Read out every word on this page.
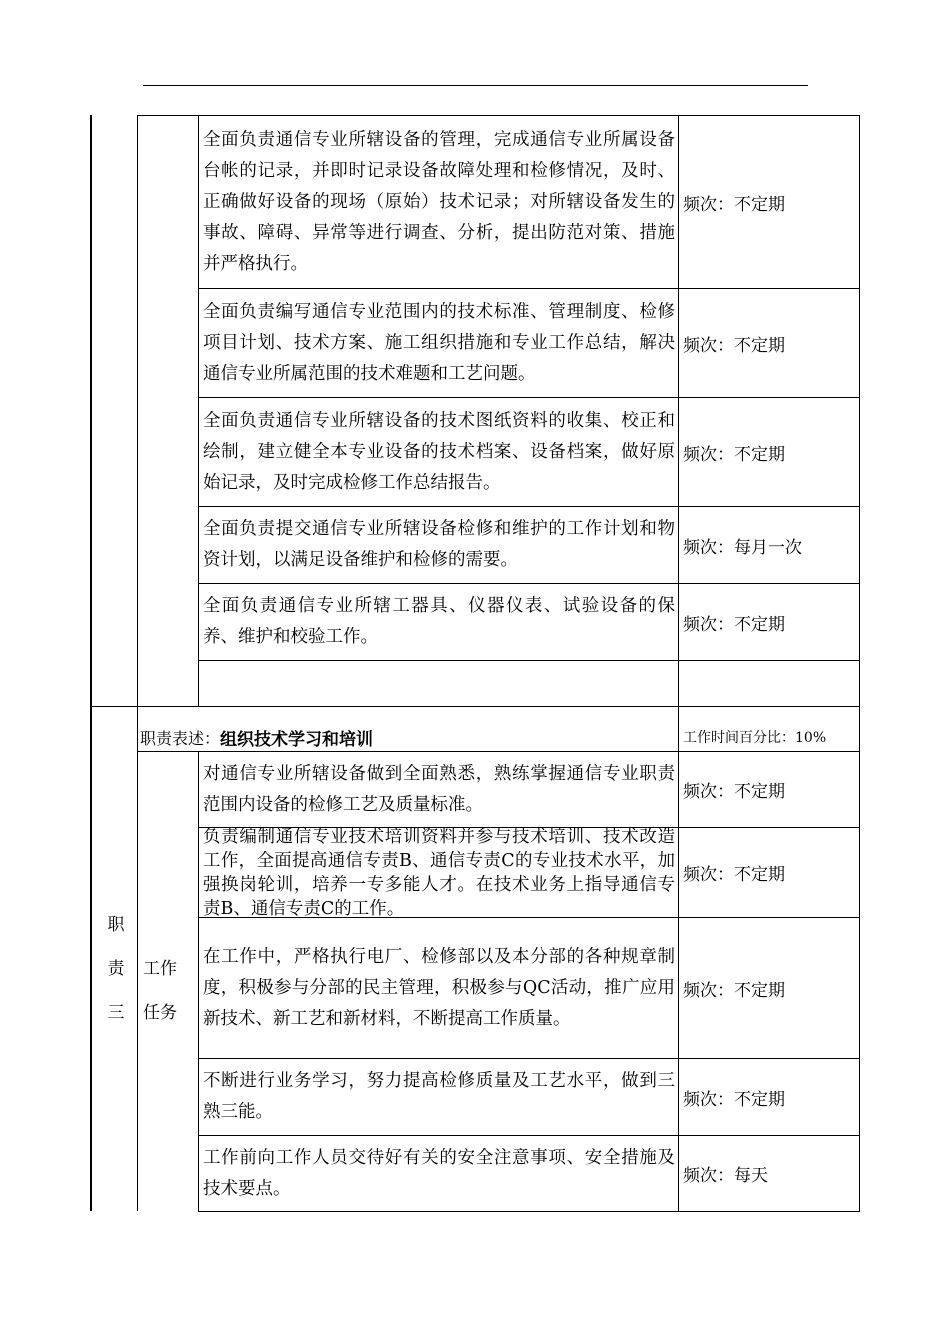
全面负责通信专业所辖设备的管理，完成通信专业所属设备台帐的记录，并即时记录设备故障处理和检修情况，及时、正确做好设备的现场（原始）技术记录；对所辖设备发生的事故、障碍、异常等进行调查、分析，提出防范对策、措施并严格执行。
频次：不定期
全面负责编写通信专业范围内的技术标准、管理制度、检修项目计划、技术方案、施工组织措施和专业工作总结，解决通信专业所属范围的技术难题和工艺问题。
频次：不定期
全面负责通信专业所辖设备的技术图纸资料的收集、校正和绘制，建立健全本专业设备的技术档案、设备档案，做好原始记录，及时完成检修工作总结报告。
频次：不定期
全面负责提交通信专业所辖设备检修和维护的工作计划和物资计划，以满足设备维护和检修的需要。
频次：每月一次
全面负责通信专业所辖工器具、仪器仪表、试验设备的保养、维护和校验工作。
频次：不定期
职责表述： 组织技术学习和培训	工作时间百分比：10%
职
责
三
工作
任务
对通信专业所辖设备做到全面熟悉，熟练掌握通信专业职责范围内设备的检修工艺及质量标准。
频次：不定期
负责编制通信专业技术培训资料并参与技术培训、技术改造工作，全面提高通信专责B、通信专责C的专业技术水平，加强换岗轮训，培养一专多能人才。在技术业务上指导通信专责B、通信专责C的工作。
频次：不定期
在工作中，严格执行电厂、检修部以及本分部的各种规章制度，积极参与分部的民主管理，积极参与QC活动，推广应用新技术、新工艺和新材料，不断提高工作质量。
频次：不定期
不断进行业务学习，努力提高检修质量及工艺水平，做到三熟三能。
频次：不定期
工作前向工作人员交待好有关的安全注意事项、安全措施及技术要点。
频次：每天
